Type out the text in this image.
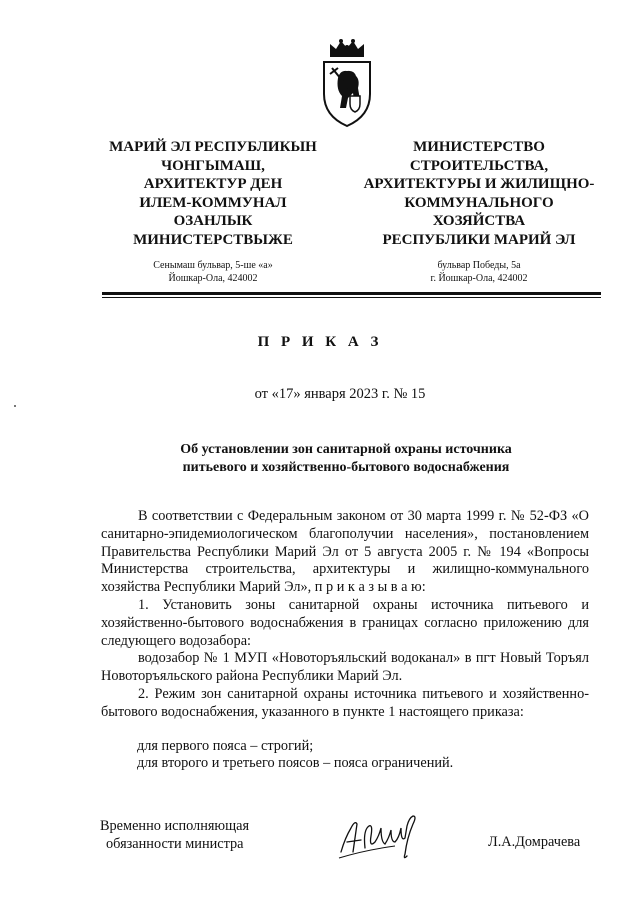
МАРИЙ ЭЛ РЕСПУБЛИКЫН
ЧОНГЫМАШ,
АРХИТЕКТУР ДЕН
ИЛЕМ-КОММУНАЛ
ОЗАНЛЫК
МИНИСТЕРСТВЫЖЕ
МИНИСТЕРСТВО
СТРОИТЕЛЬСТВА,
АРХИТЕКТУРЫ И ЖИЛИЩНО-
КОММУНАЛЬНОГО
ХОЗЯЙСТВА
РЕСПУБЛИКИ МАРИЙ ЭЛ
Сенымаш бульвар, 5-ше «а»
Йошкар-Ола, 424002
бульвар Победы, 5а
г. Йошкар-Ола, 424002
П Р И К А З
от «17» января 2023 г. № 15
Об установлении зон санитарной охраны источника
питьевого и хозяйственно-бытового водоснабжения
В соответствии с Федеральным законом от 30 марта 1999 г. № 52-ФЗ «О санитарно-эпидемиологическом благополучии населения», постановлением Правительства Республики Марий Эл от 5 августа 2005 г. № 194 «Вопросы Министерства строительства, архитектуры и жилищно-коммунального хозяйства Республики Марий Эл», п р и к а з ы в а ю:
1. Установить зоны санитарной охраны источника питьевого и хозяйственно-бытового водоснабжения в границах согласно приложению для следующего водозабора:
водозабор № 1 МУП «Новоторъяльский водоканал» в пгт Новый Торъял Новоторъяльского района Республики Марий Эл.
2. Режим зон санитарной охраны источника питьевого и хозяйственно-бытового водоснабжения, указанного в пункте 1 настоящего приказа:
для первого пояса – строгий;
для второго и третьего поясов – пояса ограничений.
Временно исполняющая
обязанности министра	Л.А.Домрачева
